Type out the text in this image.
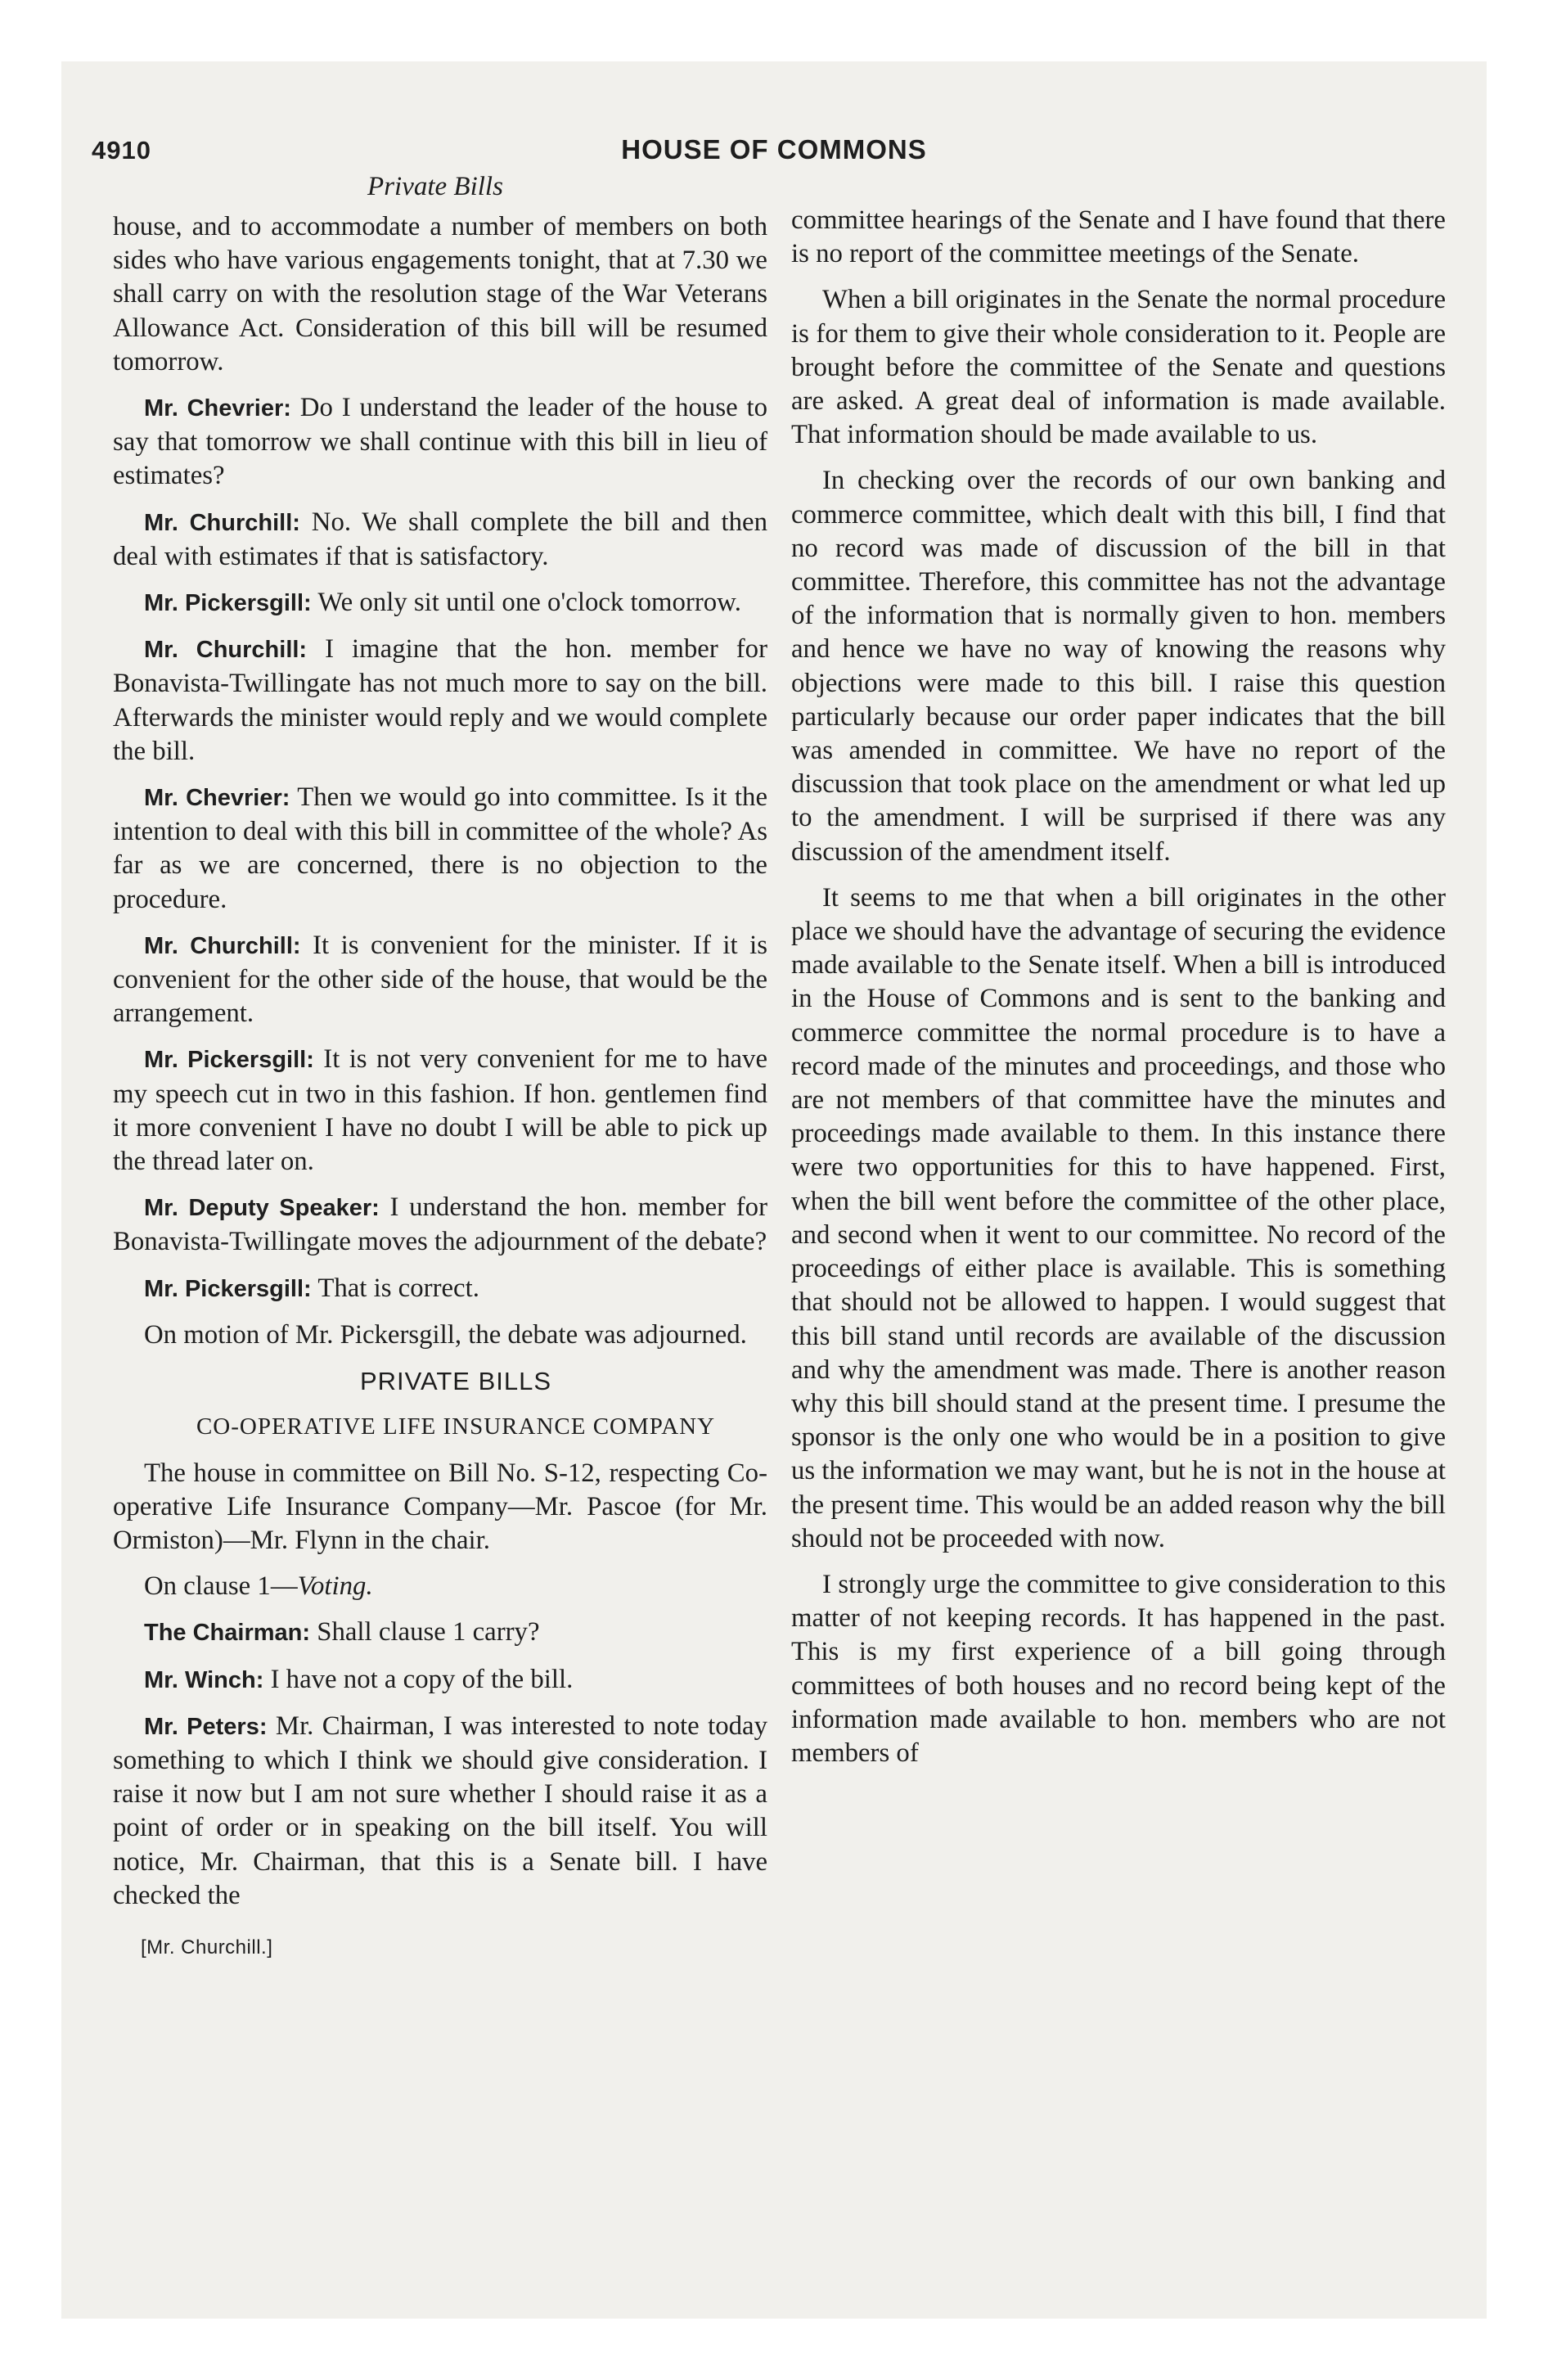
4910	HOUSE OF COMMONS
Private Bills

house, and to accommodate a number of members on both sides who have various engagements tonight, that at 7.30 we shall carry on with the resolution stage of the War Veterans Allowance Act. Consideration of this bill will be resumed tomorrow.

Mr. Chevrier: Do I understand the leader of the house to say that tomorrow we shall continue with this bill in lieu of estimates?

Mr. Churchill: No. We shall complete the bill and then deal with estimates if that is satisfactory.

Mr. Pickersgill: We only sit until one o'clock tomorrow.

Mr. Churchill: I imagine that the hon. member for Bonavista-Twillingate has not much more to say on the bill. Afterwards the minister would reply and we would complete the bill.

Mr. Chevrier: Then we would go into committee. Is it the intention to deal with this bill in committee of the whole? As far as we are concerned, there is no objection to the procedure.

Mr. Churchill: It is convenient for the minister. If it is convenient for the other side of the house, that would be the arrangement.

Mr. Pickersgill: It is not very convenient for me to have my speech cut in two in this fashion. If hon. gentlemen find it more convenient I have no doubt I will be able to pick up the thread later on.

Mr. Deputy Speaker: I understand the hon. member for Bonavista-Twillingate moves the adjournment of the debate?

Mr. Pickersgill: That is correct.

On motion of Mr. Pickersgill, the debate was adjourned.

PRIVATE BILLS

CO-OPERATIVE LIFE INSURANCE COMPANY

The house in committee on Bill No. S-12, respecting Co-operative Life Insurance Company—Mr. Pascoe (for Mr. Ormiston)—Mr. Flynn in the chair.

On clause 1—Voting.

The Chairman: Shall clause 1 carry?

Mr. Winch: I have not a copy of the bill.

Mr. Peters: Mr. Chairman, I was interested to note today something to which I think we should give consideration. I raise it now but I am not sure whether I should raise it as a point of order or in speaking on the bill itself. You will notice, Mr. Chairman, that this is a Senate bill. I have checked the

[Mr. Churchill.]

committee hearings of the Senate and I have found that there is no report of the committee meetings of the Senate.

When a bill originates in the Senate the normal procedure is for them to give their whole consideration to it. People are brought before the committee of the Senate and questions are asked. A great deal of information is made available. That information should be made available to us.

In checking over the records of our own banking and commerce committee, which dealt with this bill, I find that no record was made of discussion of the bill in that committee. Therefore, this committee has not the advantage of the information that is normally given to hon. members and hence we have no way of knowing the reasons why objections were made to this bill. I raise this question particularly because our order paper indicates that the bill was amended in committee. We have no report of the discussion that took place on the amendment or what led up to the amendment. I will be surprised if there was any discussion of the amendment itself.

It seems to me that when a bill originates in the other place we should have the advantage of securing the evidence made available to the Senate itself. When a bill is introduced in the House of Commons and is sent to the banking and commerce committee the normal procedure is to have a record made of the minutes and proceedings, and those who are not members of that committee have the minutes and proceedings made available to them. In this instance there were two opportunities for this to have happened. First, when the bill went before the committee of the other place, and second when it went to our committee. No record of the proceedings of either place is available. This is something that should not be allowed to happen. I would suggest that this bill stand until records are available of the discussion and why the amendment was made. There is another reason why this bill should stand at the present time. I presume the sponsor is the only one who would be in a position to give us the information we may want, but he is not in the house at the present time. This would be an added reason why the bill should not be proceeded with now.

I strongly urge the committee to give consideration to this matter of not keeping records. It has happened in the past. This is my first experience of a bill going through committees of both houses and no record being kept of the information made available to hon. members who are not members of
